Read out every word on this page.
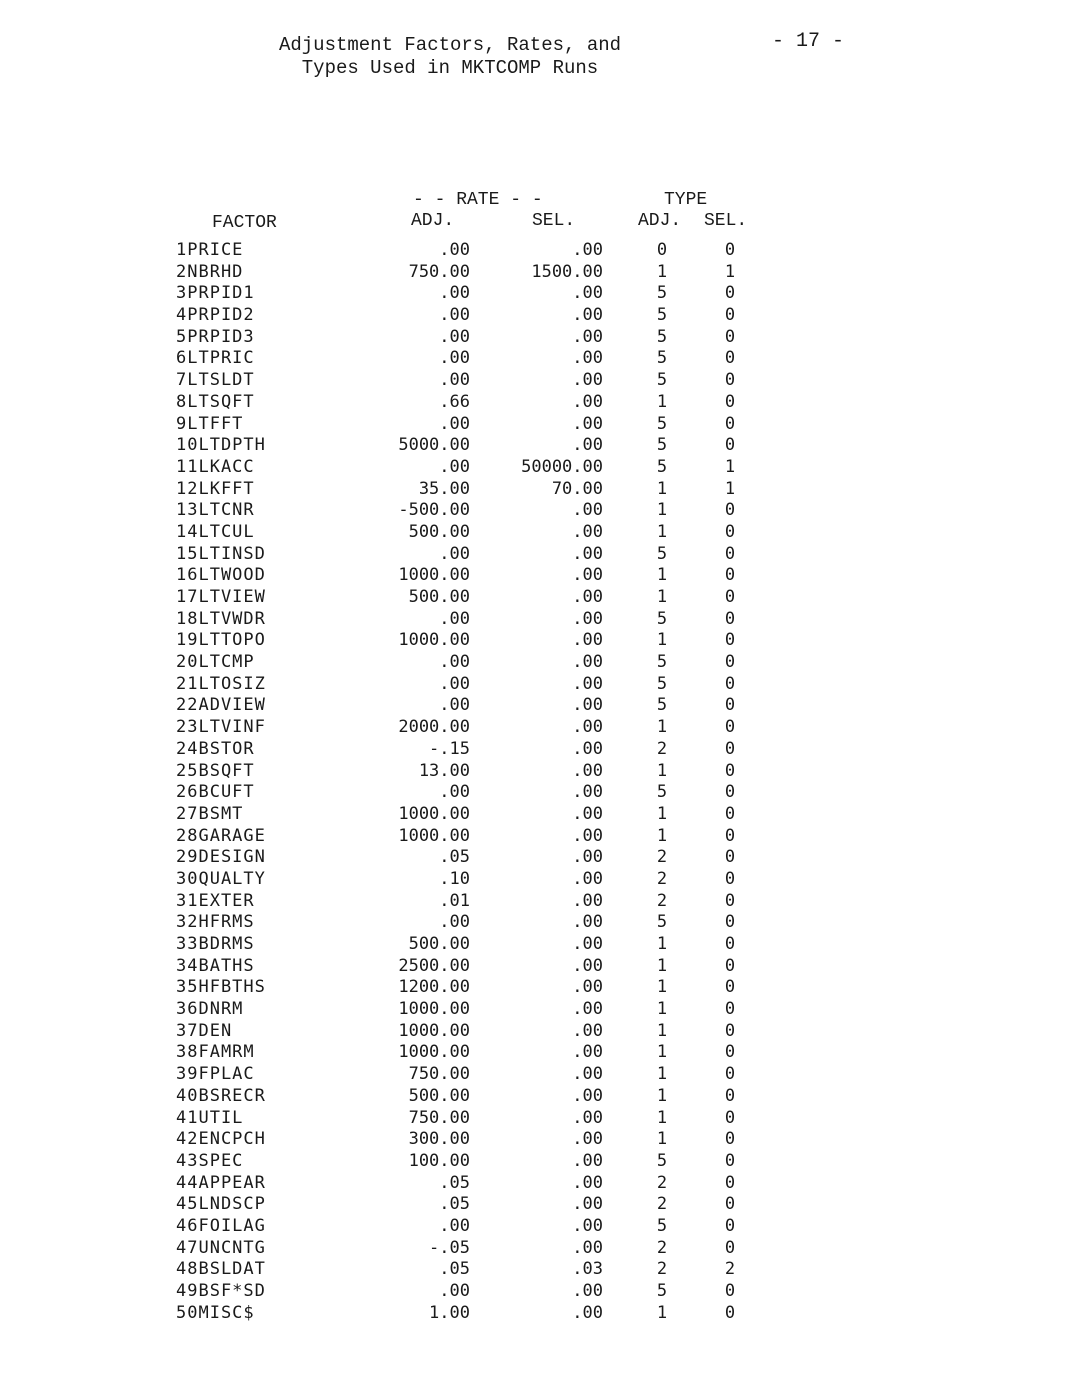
Adjustment Factors, Rates, and
Types Used in MKTCOMP Runs
- 17 -
- - RATE - -	TYPE
FACTOR	ADJ.	SEL.	ADJ. SEL.
1PRICE	.00	.00	0	0
2NBRHD	750.00	1500.00	1	1
3PRPID1	.00	.00	5	0
4PRPID2	.00	.00	5	0
5PRPID3	.00	.00	5	0
6LTPRIC	.00	.00	5	0
7LTSLDT	.00	.00	5	0
8LTSQFT	.66	.00	1	0
9LTFFT	.00	.00	5	0
10LTDPTH	5000.00	.00	5	0
11LKACC	.00	50000.00	5	1
12LKFFT	35.00	70.00	1	1
13LTCNR	-500.00	.00	1	0
14LTCUL	500.00	.00	1	0
15LTINSD	.00	.00	5	0
16LTWOOD	1000.00	.00	1	0
17LTVIEW	500.00	.00	1	0
18LTVWDR	.00	.00	5	0
19LTTOPO	1000.00	.00	1	0
20LTCMP	.00	.00	5	0
21LTOSIZ	.00	.00	5	0
22ADVIEW	.00	.00	5	0
23LTVINF	2000.00	.00	1	0
24BSTOR	-.15	.00	2	0
25BSQFT	13.00	.00	1	0
26BCUFT	.00	.00	5	0
27BSMT	1000.00	.00	1	0
28GARAGE	1000.00	.00	1	0
29DESIGN	.05	.00	2	0
30QUALTY	.10	.00	2	0
31EXTER	.01	.00	2	0
32HFRMS	.00	.00	5	0
33BDRMS	500.00	.00	1	0
34BATHS	2500.00	.00	1	0
35HFBTHS	1200.00	.00	1	0
36DNRM	1000.00	.00	1	0
37DEN	1000.00	.00	1	0
38FAMRM	1000.00	.00	1	0
39FPLAC	750.00	.00	1	0
40BSRECR	500.00	.00	1	0
41UTIL	750.00	.00	1	0
42ENCPCH	300.00	.00	1	0
43SPEC	100.00	.00	5	0
44APPEAR	.05	.00	2	0
45LNDSCP	.05	.00	2	0
46FOILAG	.00	.00	5	0
47UNCNTG	-.05	.00	2	0
48BSLDAT	.05	.03	2	2
49BSF*SD	.00	.00	5	0
50MISC$	1.00	.00	1	0
